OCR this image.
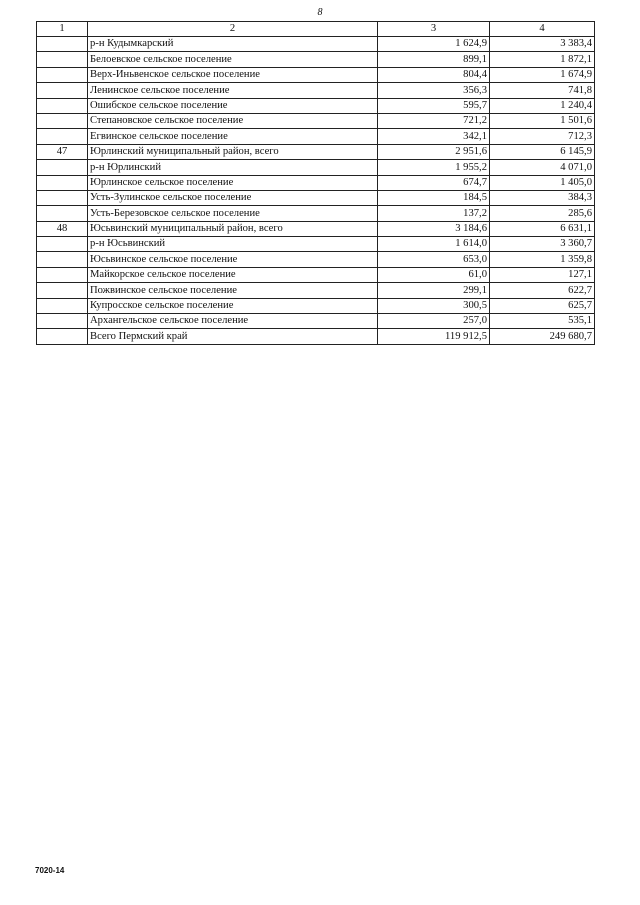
8
1	2	3	4
	р-н Кудымкарский	1 624,9	3 383,4
	Белоевское сельское поселение	899,1	1 872,1
	Верх-Иньвенское сельское поселение	804,4	1 674,9
	Ленинское сельское поселение	356,3	741,8
	Ошибское сельское поселение	595,7	1 240,4
	Степановское сельское поселение	721,2	1 501,6
	Егвинское сельское поселение	342,1	712,3
47	Юрлинский муниципальный район, всего	2 951,6	6 145,9
	р-н Юрлинский	1 955,2	4 071,0
	Юрлинское сельское поселение	674,7	1 405,0
	Усть-Зулинское сельское поселение	184,5	384,3
	Усть-Березовское сельское поселение	137,2	285,6
48	Юсьвинский муниципальный район, всего	3 184,6	6 631,1
	р-н Юсьвинский	1 614,0	3 360,7
	Юсьвинское сельское поселение	653,0	1 359,8
	Майкорское сельское поселение	61,0	127,1
	Пожвинское сельское поселение	299,1	622,7
	Купросское сельское поселение	300,5	625,7
	Архангельское сельское поселение	257,0	535,1
	Всего Пермский край	119 912,5	249 680,7
7020-14
